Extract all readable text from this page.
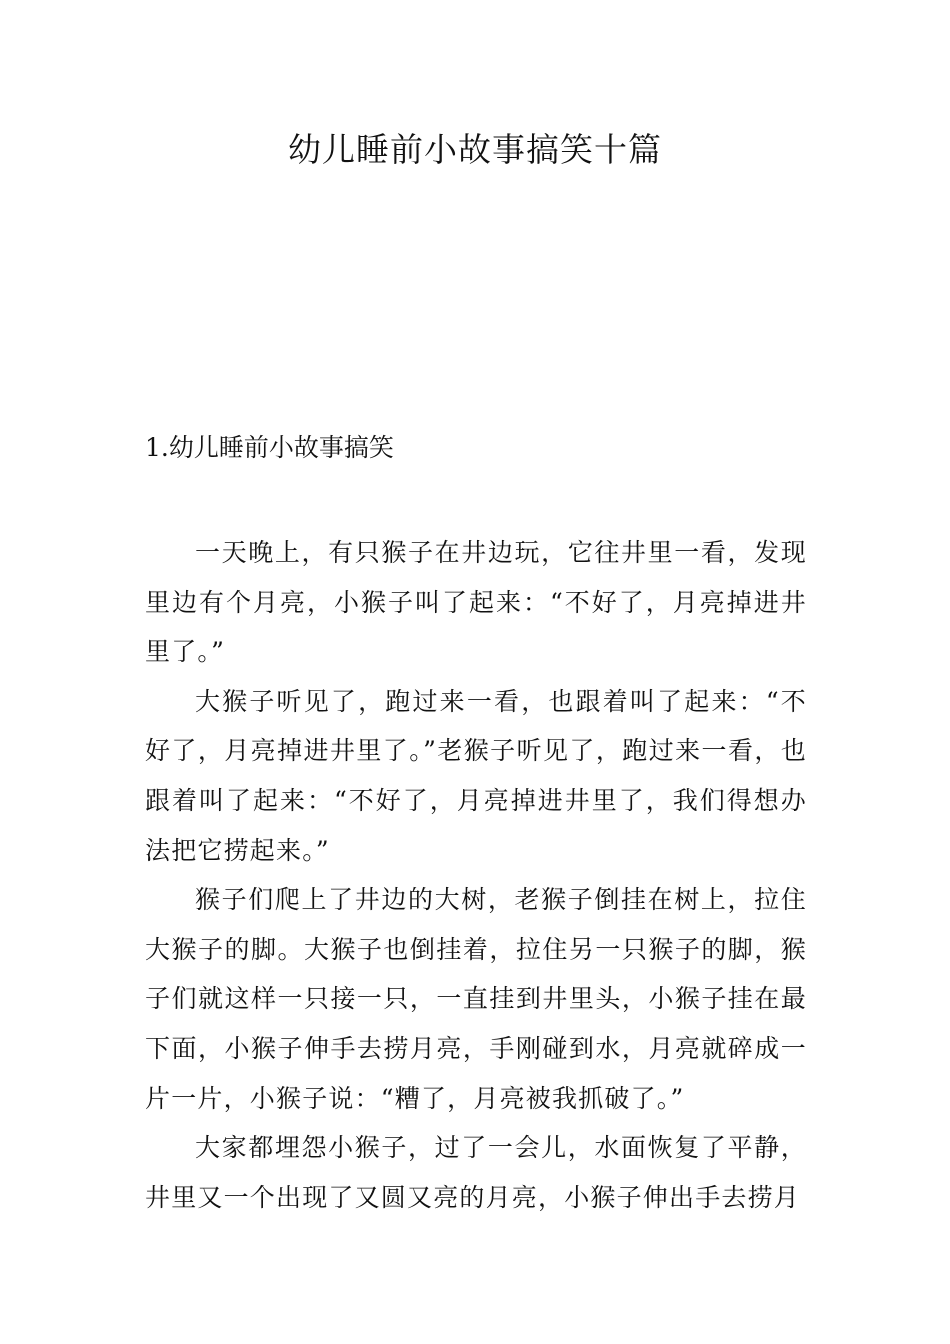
幼儿睡前小故事搞笑十篇
1.幼儿睡前小故事搞笑

一天晚上，有只猴子在井边玩，它往井里一看，发现里边有个月亮，小猴子叫了起来：“不好了，月亮掉进井里了。”

大猴子听见了，跑过来一看，也跟着叫了起来：“不好了，月亮掉进井里了。”老猴子听见了，跑过来一看，也跟着叫了起来：“不好了，月亮掉进井里了，我们得想办法把它捞起来。”

猴子们爬上了井边的大树，老猴子倒挂在树上，拉住大猴子的脚。大猴子也倒挂着，拉住另一只猴子的脚，猴子们就这样一只接一只，一直挂到井里头，小猴子挂在最下面，小猴子伸手去捞月亮，手刚碰到水，月亮就碎成一片一片，小猴子说：“糟了，月亮被我抓破了。”

大家都埋怨小猴子，过了一会儿，水面恢复了平静，井里又一个出现了又圆又亮的月亮，小猴子伸出手去捞月
